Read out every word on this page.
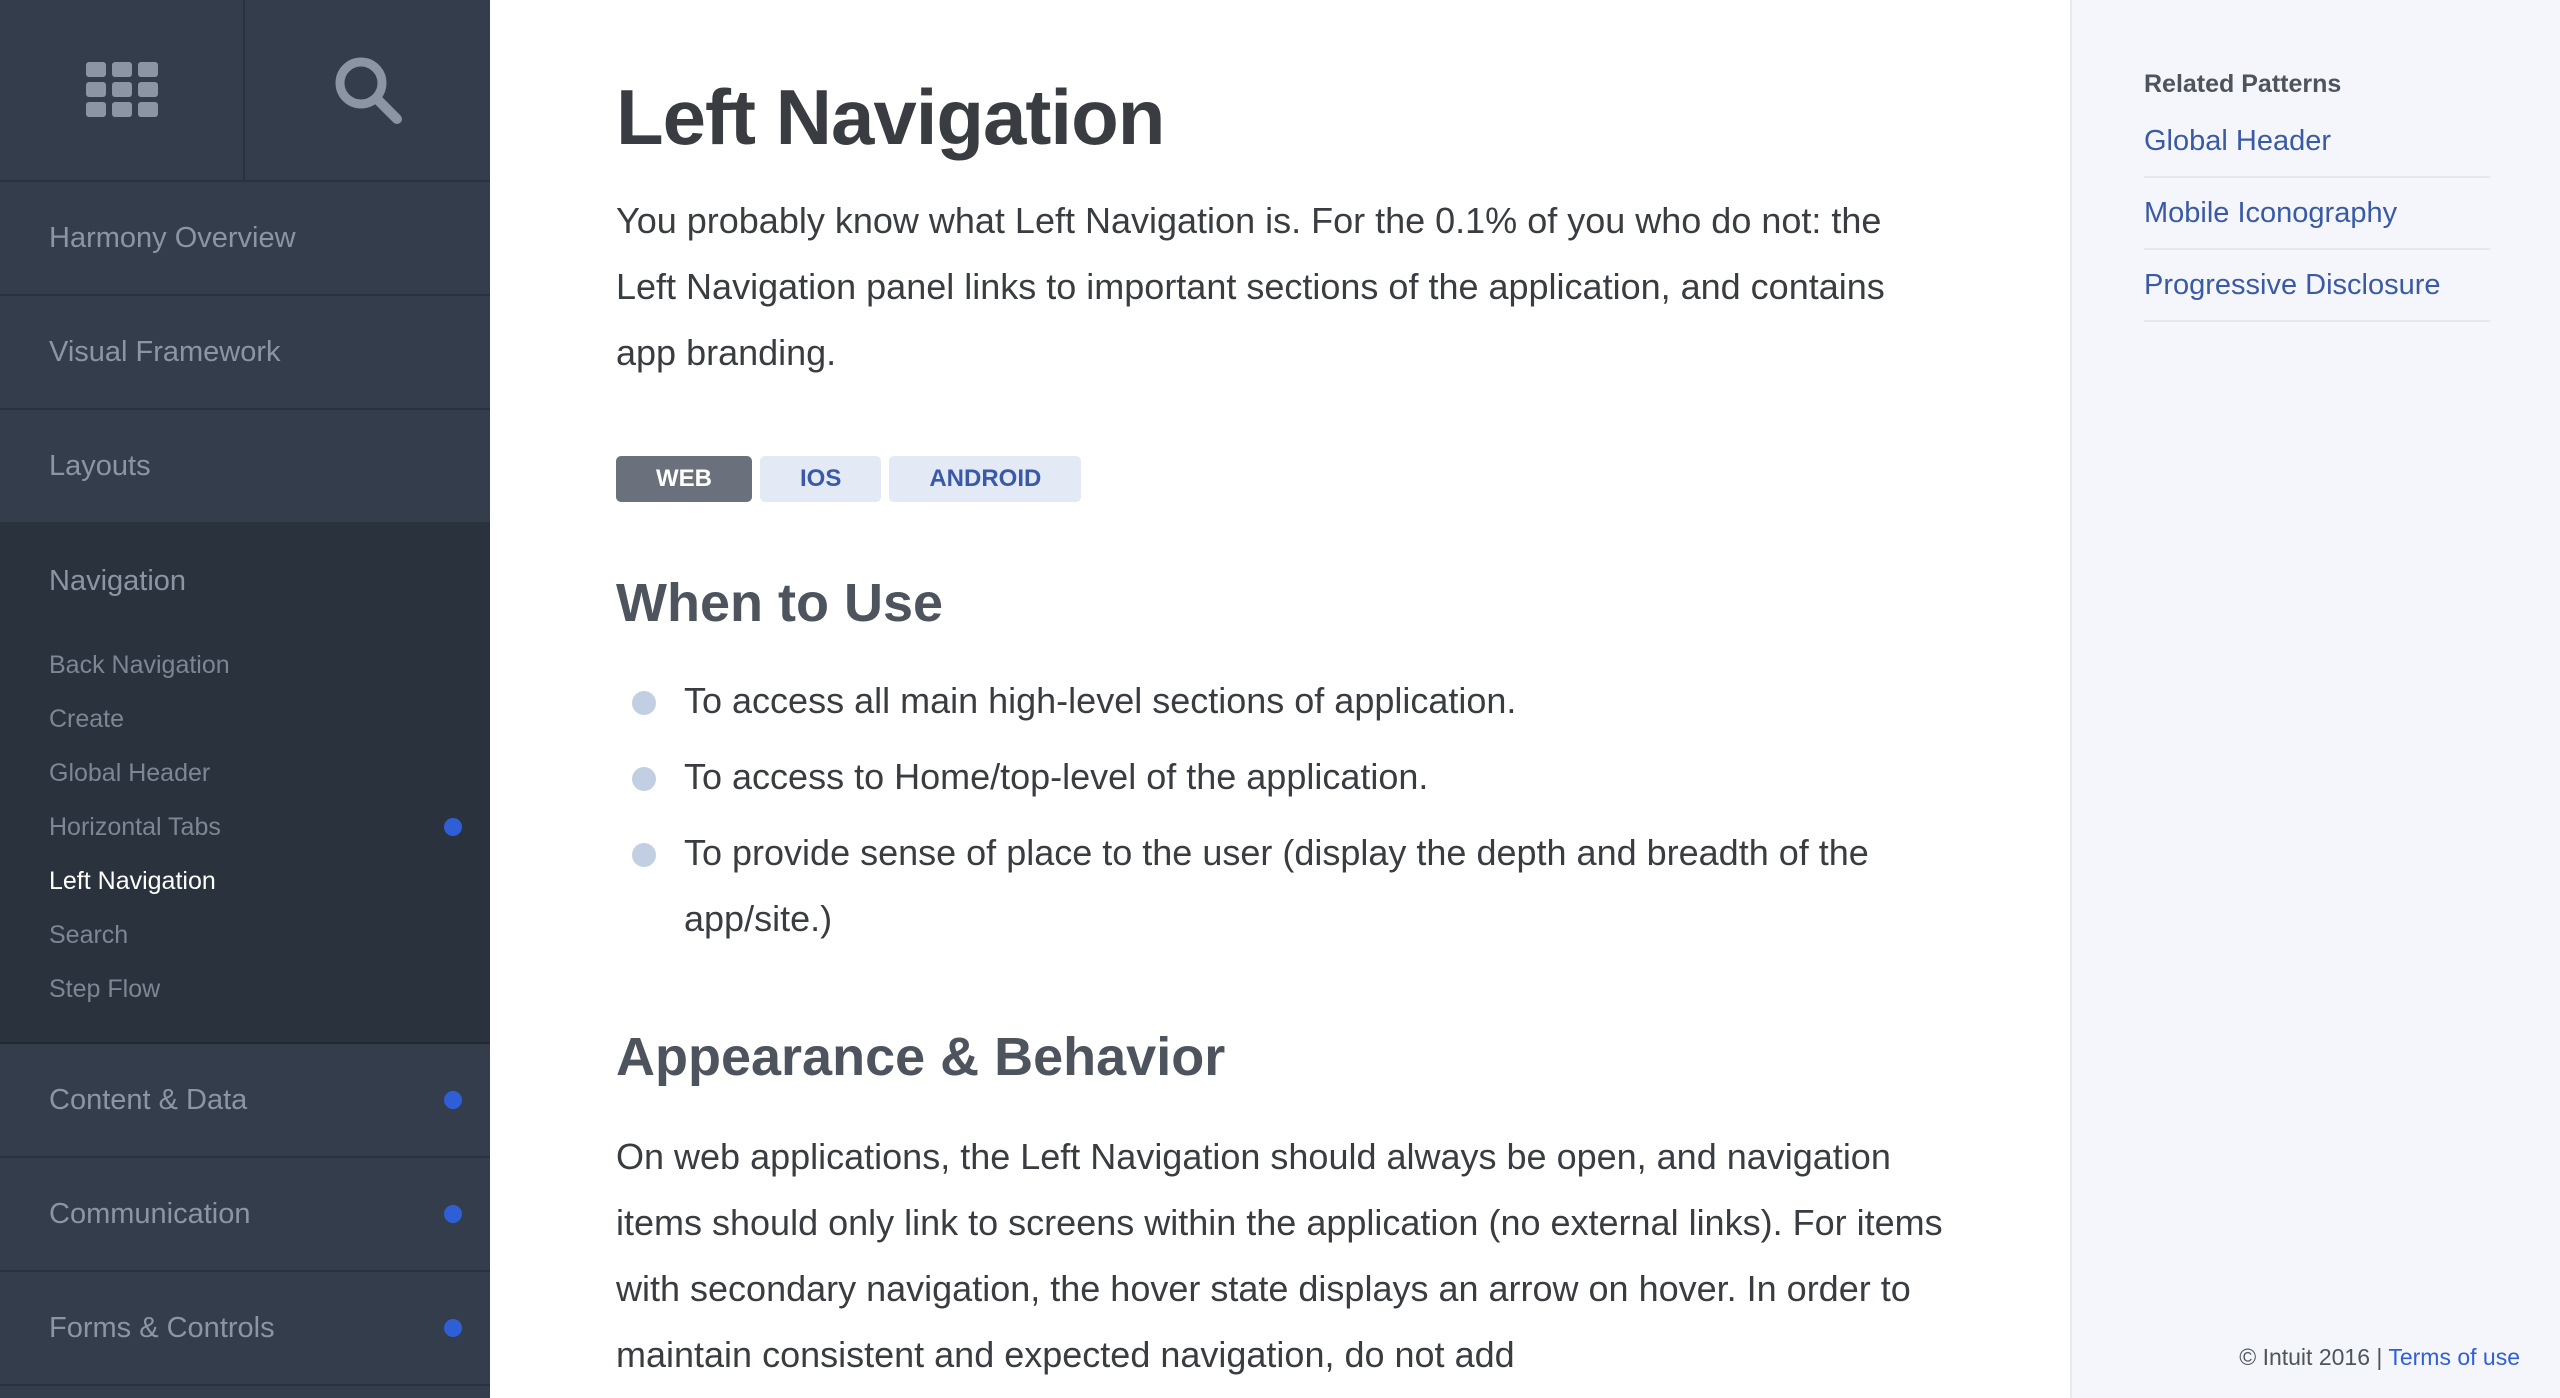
Harmony Overview
Visual Framework
Layouts
Navigation
Back Navigation
Create
Global Header
Horizontal Tabs
Left Navigation
Search
Step Flow
Content & Data
Communication
Forms & Controls
Left Navigation

You probably know what Left Navigation is. For the 0.1% of you who do not: the Left Navigation panel links to important sections of the application, and contains app branding.

WEB	IOS	ANDROID
When to Use
To access all main high-level sections of application.
To access to Home/top-level of the application.
To provide sense of place to the user (display the depth and breadth of the app/site.)
Appearance & Behavior

On web applications, the Left Navigation should always be open, and navigation items should only link to screens within the application (no external links). For items with secondary navigation, the hover state displays an arrow on hover. In order to maintain consistent and expected navigation, do not add

Related Patterns
Global Header
Mobile Iconography
Progressive Disclosure
© Intuit 2016 | Terms of use
